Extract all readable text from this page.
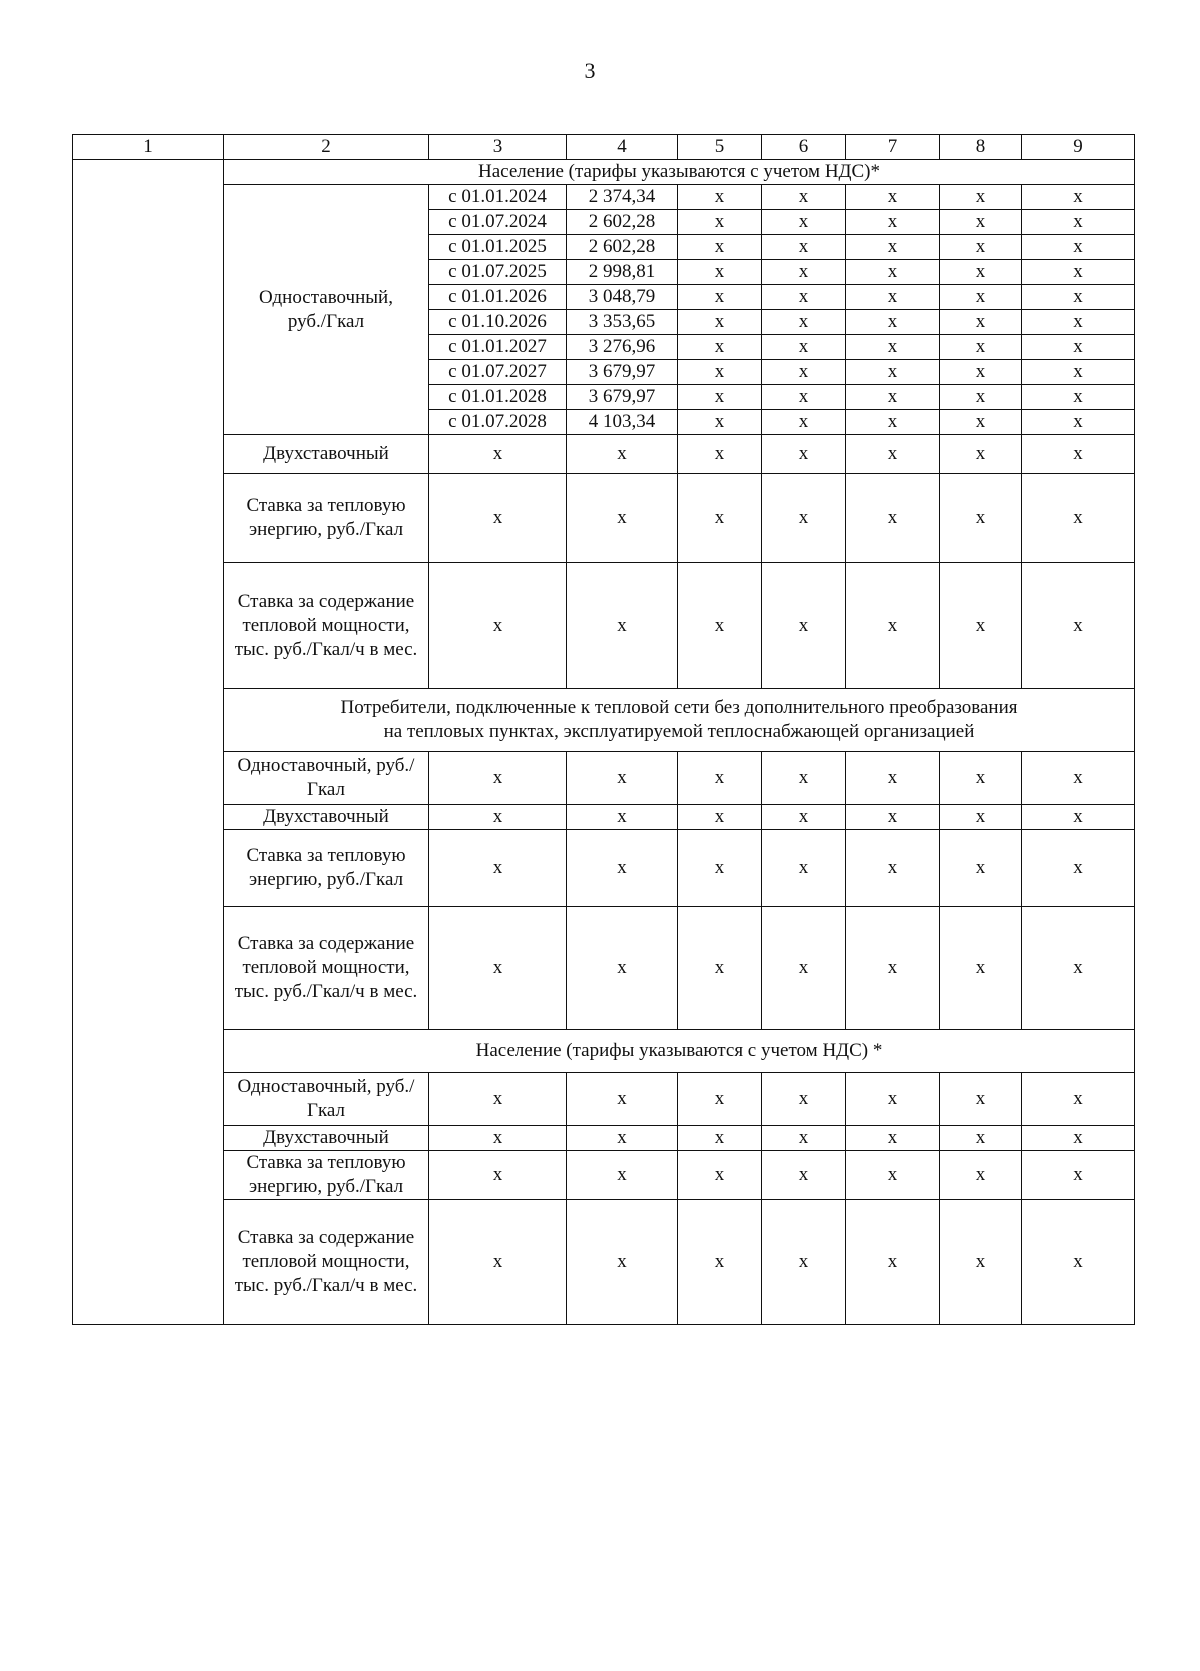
3
1	2	3	4	5	6	7	8	9
	Население (тарифы указываются с учетом НДС)*							
	Одноставочный, руб./Гкал	с 01.01.2024	2 374,34	х	х	х	х	х
		с 01.07.2024	2 602,28	х	х	х	х	х
		с 01.01.2025	2 602,28	х	х	х	х	х
		с 01.07.2025	2 998,81	х	х	х	х	х
		с 01.01.2026	3 048,79	х	х	х	х	х
		с 01.10.2026	3 353,65	х	х	х	х	х
		с 01.01.2027	3 276,96	х	х	х	х	х
		с 01.07.2027	3 679,97	х	х	х	х	х
		с 01.01.2028	3 679,97	х	х	х	х	х
		с 01.07.2028	4 103,34	х	х	х	х	х
	Двухставочный	х	х	х	х	х	х	х
	Ставка за тепловую энергию, руб./Гкал	х	х	х	х	х	х	х
	Ставка за содержание тепловой мощности, тыс. руб./Гкал/ч в мес.	х	х	х	х	х	х	х
	Потребители, подключенные к тепловой сети без дополнительного преобразования
на тепловых пунктах, эксплуатируемой теплоснабжающей организацией							
	Одноставочный, руб./Гкал	х	х	х	х	х	х	х
	Двухставочный	х	х	х	х	х	х	х
	Ставка за тепловую энергию, руб./Гкал	х	х	х	х	х	х	х
	Ставка за содержание тепловой мощности, тыс. руб./Гкал/ч в мес.	х	х	х	х	х	х	х
	Население (тарифы указываются с учетом НДС) *							
	Одноставочный, руб./Гкал	х	х	х	х	х	х	х
	Двухставочный	х	х	х	х	х	х	х
	Ставка за тепловую энергию, руб./Гкал	х	х	х	х	х	х	х
	Ставка за содержание тепловой мощности, тыс. руб./Гкал/ч в мес.	х	х	х	х	х	х	х
